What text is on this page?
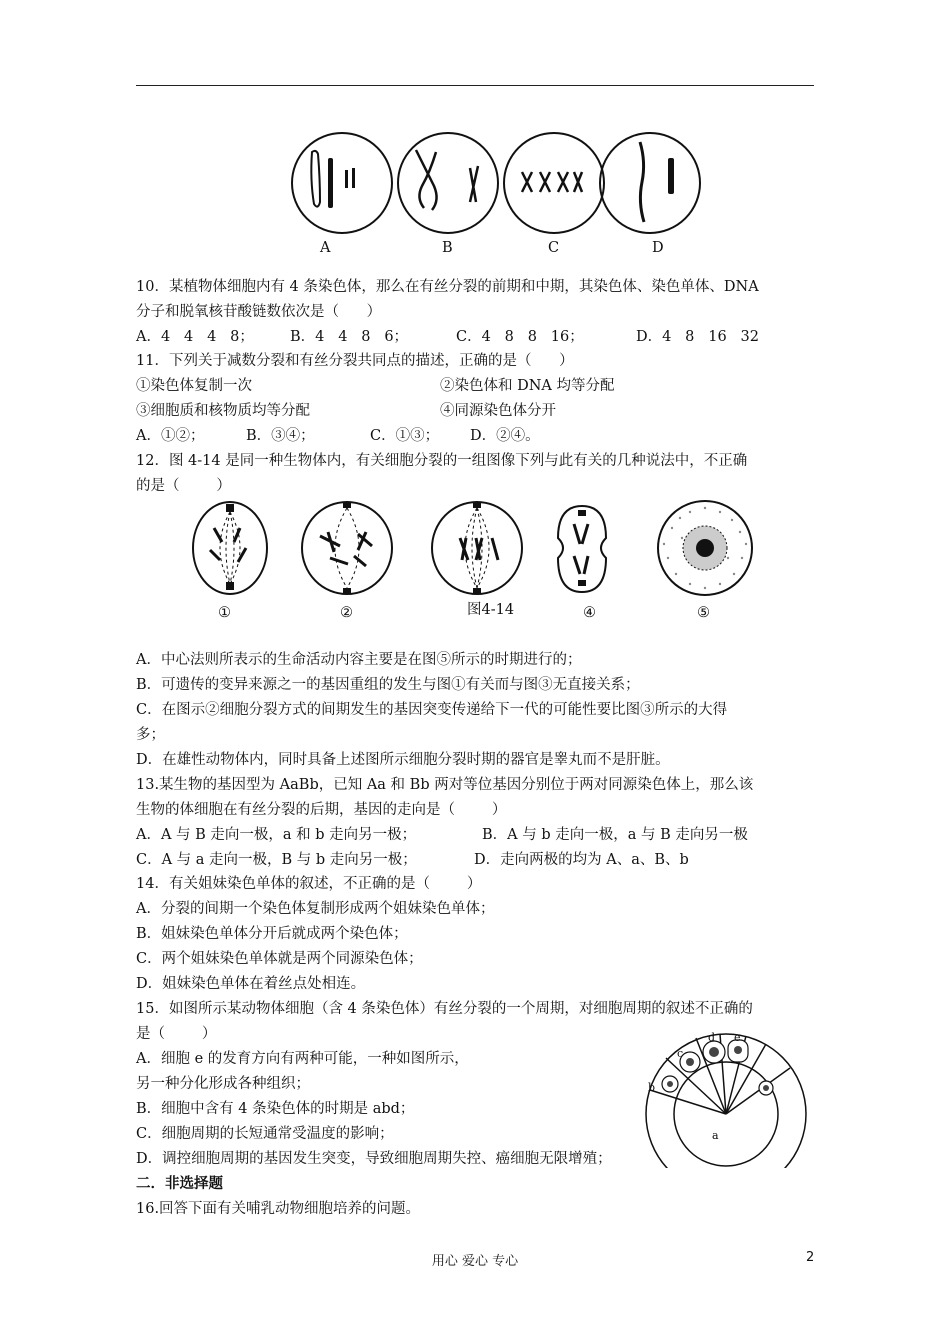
A	B	C	D
10．某植物体细胞内有 4 条染色体，那么在有丝分裂的前期和中期，其染色体、染色单体、DNA
分子和脱氧核苷酸链数依次是（      ）
A．4   4   4   8； B．4   4   8   6；	C．4   8   8   16；	D．4   8   16   32
11．下列关于减数分裂和有丝分裂共同点的描述，正确的是（      ）
①染色体复制一次	②染色体和 DNA 均等分配
③细胞质和核物质均等分配	④同源染色体分开
A．①②；	B．③④；	C．①③； D．②④。
12．图 4-14 是同一种生物体内，有关细胞分裂的一组图像下列与此有关的几种说法中，不正确
的是（        ）
①	②	图4-14	④	⑤
A．中心法则所表示的生命活动内容主要是在图⑤所示的时期进行的；
B．可遗传的变异来源之一的基因重组的发生与图①有关而与图③无直接关系；
C．在图示②细胞分裂方式的间期发生的基因突变传递给下一代的可能性要比图③所示的大得
多；
D．在雄性动物体内，同时具备上述图所示细胞分裂时期的器官是睾丸而不是肝脏。
13.某生物的基因型为 AaBb，已知 Aa 和 Bb 两对等位基因分别位于两对同源染色体上，那么该
生物的体细胞在有丝分裂的后期，基因的走向是（        ）
A．A 与 B 走向一极，a 和 b 走向另一极；	B．A 与 b 走向一极，a 与 B 走向另一极
C．A 与 a 走向一极，B 与 b 走向另一极；	D．走向两极的均为 A、a、B、b
14．有关姐妹染色单体的叙述，不正确的是（        ）
A．分裂的间期一个染色体复制形成两个姐妹染色单体；
B．姐妹染色单体分开后就成两个染色体；
C．两个姐妹染色单体就是两个同源染色体；
D．姐妹染色单体在着丝点处相连。
15．如图所示某动物体细胞（含 4 条染色体）有丝分裂的一个周期，对细胞周期的叙述不正确的
是（        ）
A．细胞 e 的发育方向有两种可能，一种如图所示，
另一种分化形成各种组织；
B．细胞中含有 4 条染色体的时期是 abd；
C．细胞周期的长短通常受温度的影响；
D．调控细胞周期的基因发生突变，导致细胞周期失控、癌细胞无限增殖；
b
c
d e
a
二．非选择题
16.回答下面有关哺乳动物细胞培养的问题。
用心 爱心 专心	2
